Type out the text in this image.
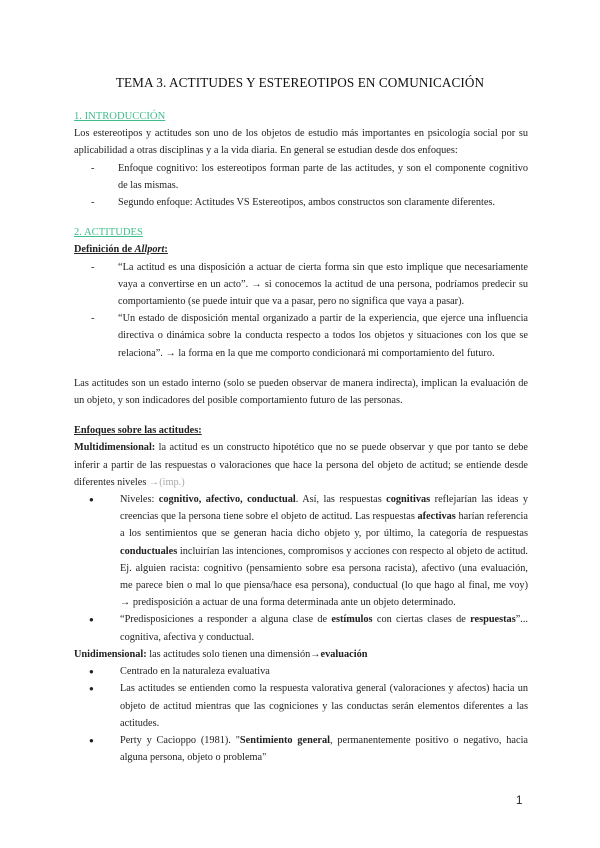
TEMA 3. ACTITUDES Y ESTEREOTIPOS EN COMUNICACIÓN

1. INTRODUCCIÓN

Los estereotipos y actitudes son uno de los objetos de estudio más importantes en psicología social por su aplicabilidad a otras disciplinas y a la vida diaria. En general se estudian desde dos enfoques:

- Enfoque cognitivo: los estereotipos forman parte de las actitudes, y son el componente cognitivo de las mismas.

- Segundo enfoque: Actitudes VS Estereotipos, ambos constructos son claramente diferentes.

2. ACTITUDES

Definición de Allport:

- “La actitud es una disposición a actuar de cierta forma sin que esto implique que necesariamente vaya a convertirse en un acto”. → si conocemos la actitud de una persona, podríamos predecir su comportamiento (se puede intuir que va a pasar, pero no significa que vaya a pasar).

- “Un estado de disposición mental organizado a partir de la experiencia, que ejerce una influencia directiva o dinámica sobre la conducta respecto a todos los objetos y situaciones con los que se relaciona”. → la forma en la que me comporto condicionará mi comportamiento del futuro.

Las actitudes son un estado interno (solo se pueden observar de manera indirecta), implican la evaluación de un objeto, y son indicadores del posible comportamiento futuro de las personas.

Enfoques sobre las actitudes:

Multidimensional: la actitud es un constructo hipotético que no se puede observar y que por tanto se debe inferir a partir de las respuestas o valoraciones que hace la persona del objeto de actitud; se entiende desde diferentes niveles →(imp.)

● Niveles: cognitivo, afectivo, conductual. Así, las respuestas cognitivas reflejarían las ideas y creencias que la persona tiene sobre el objeto de actitud. Las respuestas afectivas harían referencia a los sentimientos que se generan hacia dicho objeto y, por último, la categoría de respuestas conductuales incluirían las intenciones, compromisos y acciones con respecto al objeto de actitud. Ej. alguien racista: cognitivo (pensamiento sobre esa persona racista), afectivo (una evaluación, me parece bien o mal lo que piensa/hace esa persona), conductual (lo que hago al final, me voy) → predisposición a actuar de una forma determinada ante un objeto determinado.

● “Predisposiciones a responder a alguna clase de estímulos con ciertas clases de respuestas”... cognitiva, afectiva y conductual.

Unidimensional: las actitudes solo tienen una dimensión→evaluación

● Centrado en la naturaleza evaluativa

● Las actitudes se entienden como la respuesta valorativa general (valoraciones y afectos) hacia un objeto de actitud mientras que las cogniciones y las conductas serán elementos diferentes a las actitudes.

● Perty y Cacioppo (1981). "Sentimiento general, permanentemente positivo o negativo, hacia alguna persona, objeto o problema"

1
